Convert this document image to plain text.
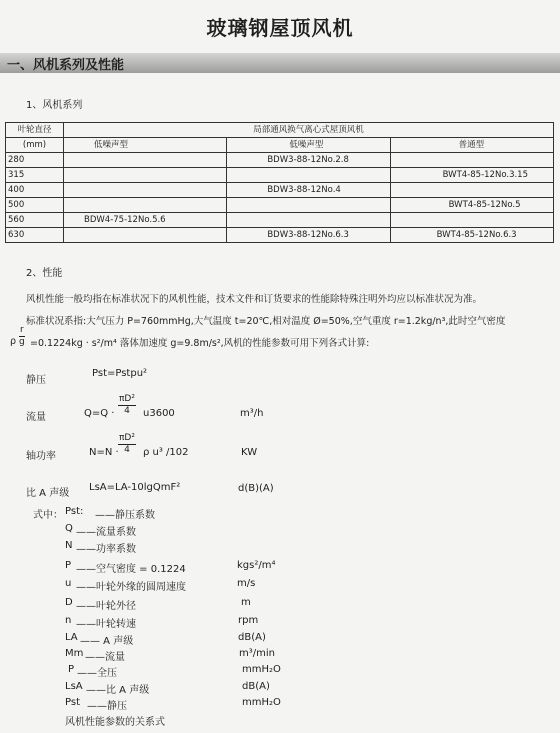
玻璃钢屋顶风机
一、风机系列及性能
1、风机系列
叶轮直径	局部通风换气离心式屋顶风机		
(mm)	低噪声型	低噪声型	普通型
280		BDW3-88-12No.2.8	
315			BWT4-85-12No.3.15
400		BDW3-88-12No.4	
500			BWT4-85-12No.5
560	BDW4-75-12No.5.6		
630		BDW3-88-12No.6.3	BWT4-85-12No.6.3
2、性能
风机性能一般均指在标准状况下的风机性能，技术文件和订货要求的性能除特殊注明外均应以标准状况为准。
标准状况系指:大气压力 P=760mmHg,大气温度 t=20℃,相对温度 Ø=50%,空气重度 r=1.2kg/n³,此时空气密度
ρ $\frac{r}{g} =0.1224kg \cdot s^2/m^4$ 落体加速度 g=9.8m/s²,风机的性能参数可用下列各式计算:
静压
Pst=Pstpu²
流量	$Q=Q \cdot \frac{\text{πD²}}{4} u3600$	m³/h
轴功率	$N=N \cdot \frac{\text{πD²}}{4}$ ρ u³ /102	KW
比 A 声级
LsA=LA-10lgQmF²	d(B)(A)
式中： Pst: ——静压系数
Q ——流量系数
N ——功率系数
P ——空气密度 = 0.1224	kgs²/m⁴
u ——叶轮外缘的圆周速度	m/s
D ——叶轮外径	m
n ——叶轮转速	rpm
LA —— A 声级	dB(A)
Mm ——流量	m³/min
P ——全压	mmH₂O
LsA ——比 A 声级	dB(A)
Pst ——静压	mmH₂O
风机性能参数的关系式
